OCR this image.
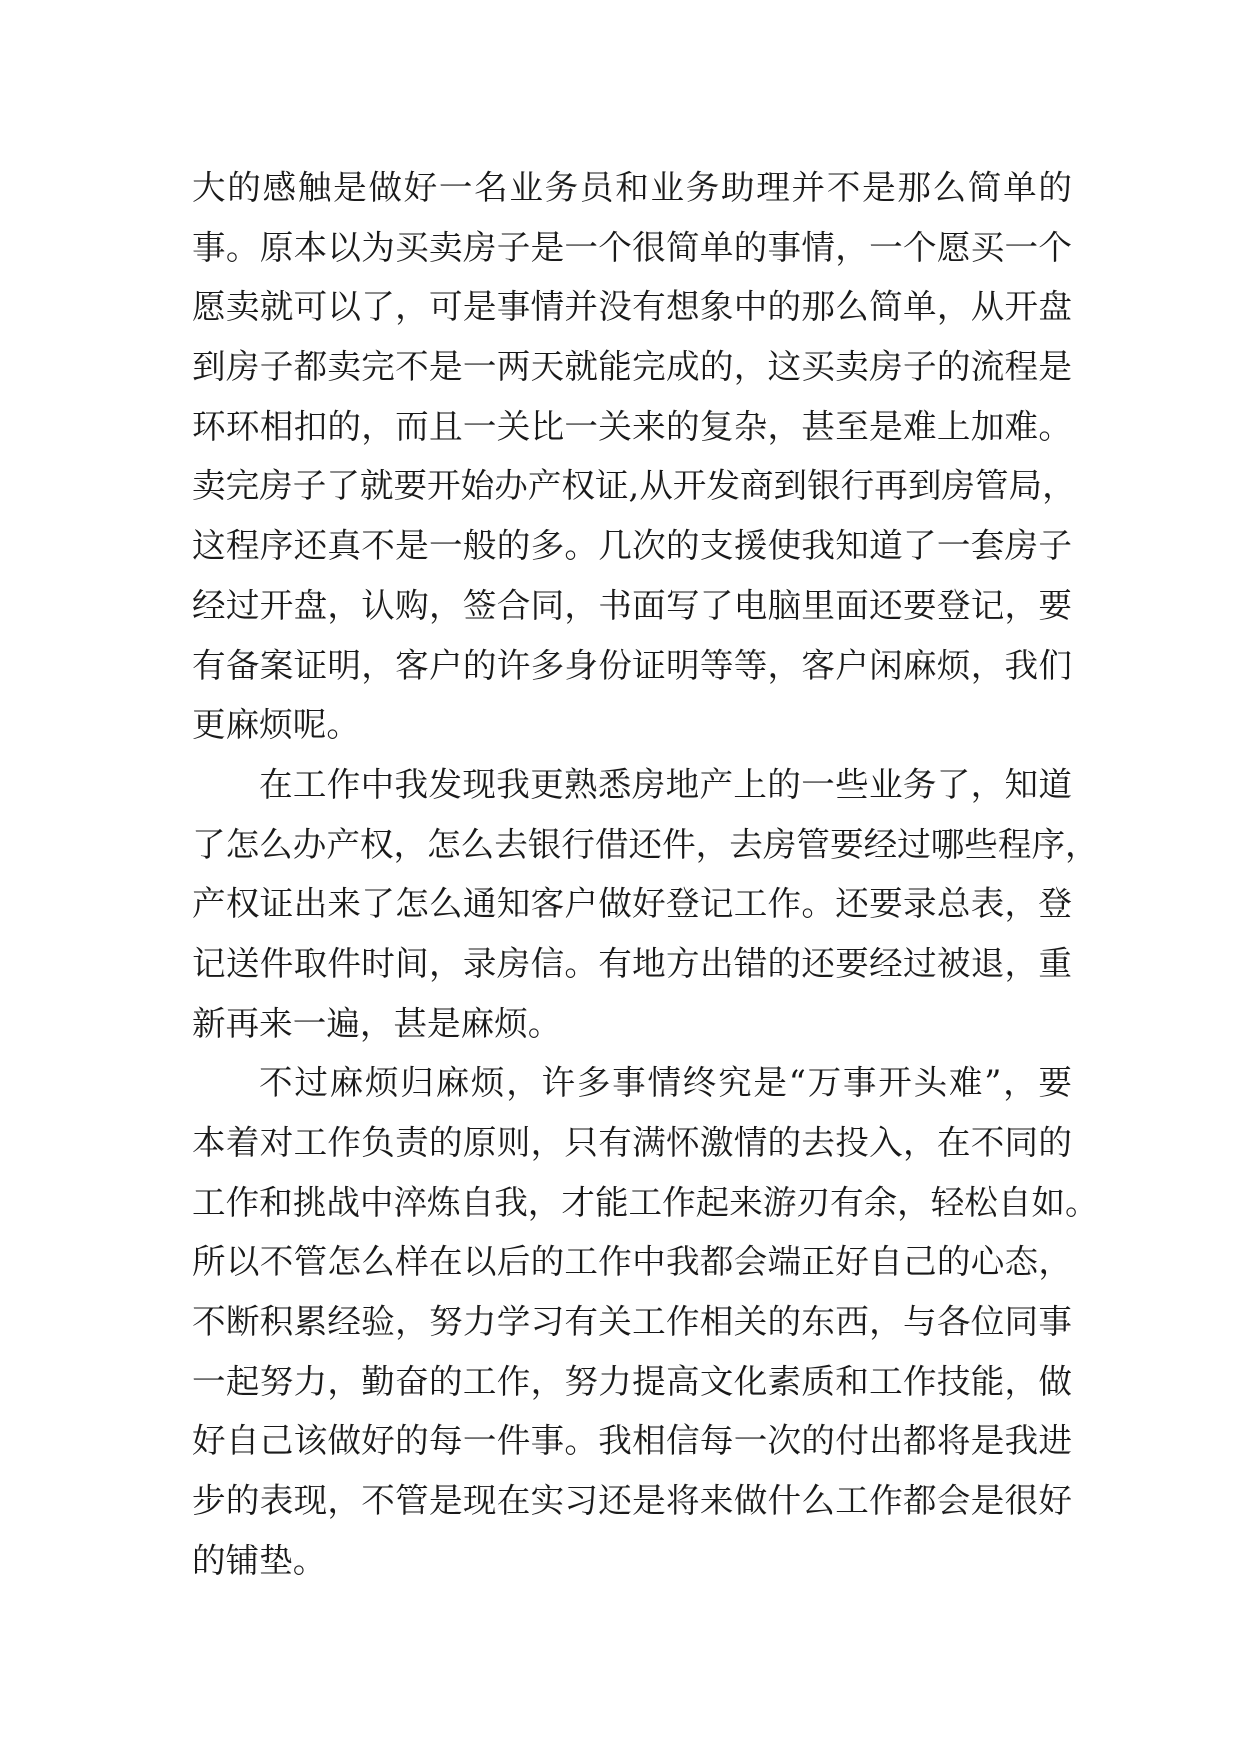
大的感触是做好一名业务员和业务助理并不是那么简单的
事。原本以为买卖房子是一个很简单的事情，一个愿买一个
愿卖就可以了，可是事情并没有想象中的那么简单，从开盘
到房子都卖完不是一两天就能完成的，这买卖房子的流程是
环环相扣的，而且一关比一关来的复杂，甚至是难上加难。
卖完房子了就要开始办产权证,从开发商到银行再到房管局，
这程序还真不是一般的多。几次的支援使我知道了一套房子
经过开盘，认购，签合同，书面写了电脑里面还要登记，要
有备案证明，客户的许多身份证明等等，客户闲麻烦，我们
更麻烦呢。
在工作中我发现我更熟悉房地产上的一些业务了，知道
了怎么办产权，怎么去银行借还件，去房管要经过哪些程序，
产权证出来了怎么通知客户做好登记工作。还要录总表，登
记送件取件时间，录房信。有地方出错的还要经过被退，重
新再来一遍，甚是麻烦。
不过麻烦归麻烦，许多事情终究是“万事开头难”，要
本着对工作负责的原则，只有满怀激情的去投入，在不同的
工作和挑战中淬炼自我，才能工作起来游刃有余，轻松自如。
所以不管怎么样在以后的工作中我都会端正好自己的心态，
不断积累经验，努力学习有关工作相关的东西，与各位同事
一起努力，勤奋的工作，努力提高文化素质和工作技能，做
好自己该做好的每一件事。我相信每一次的付出都将是我进
步的表现，不管是现在实习还是将来做什么工作都会是很好
的铺垫。
